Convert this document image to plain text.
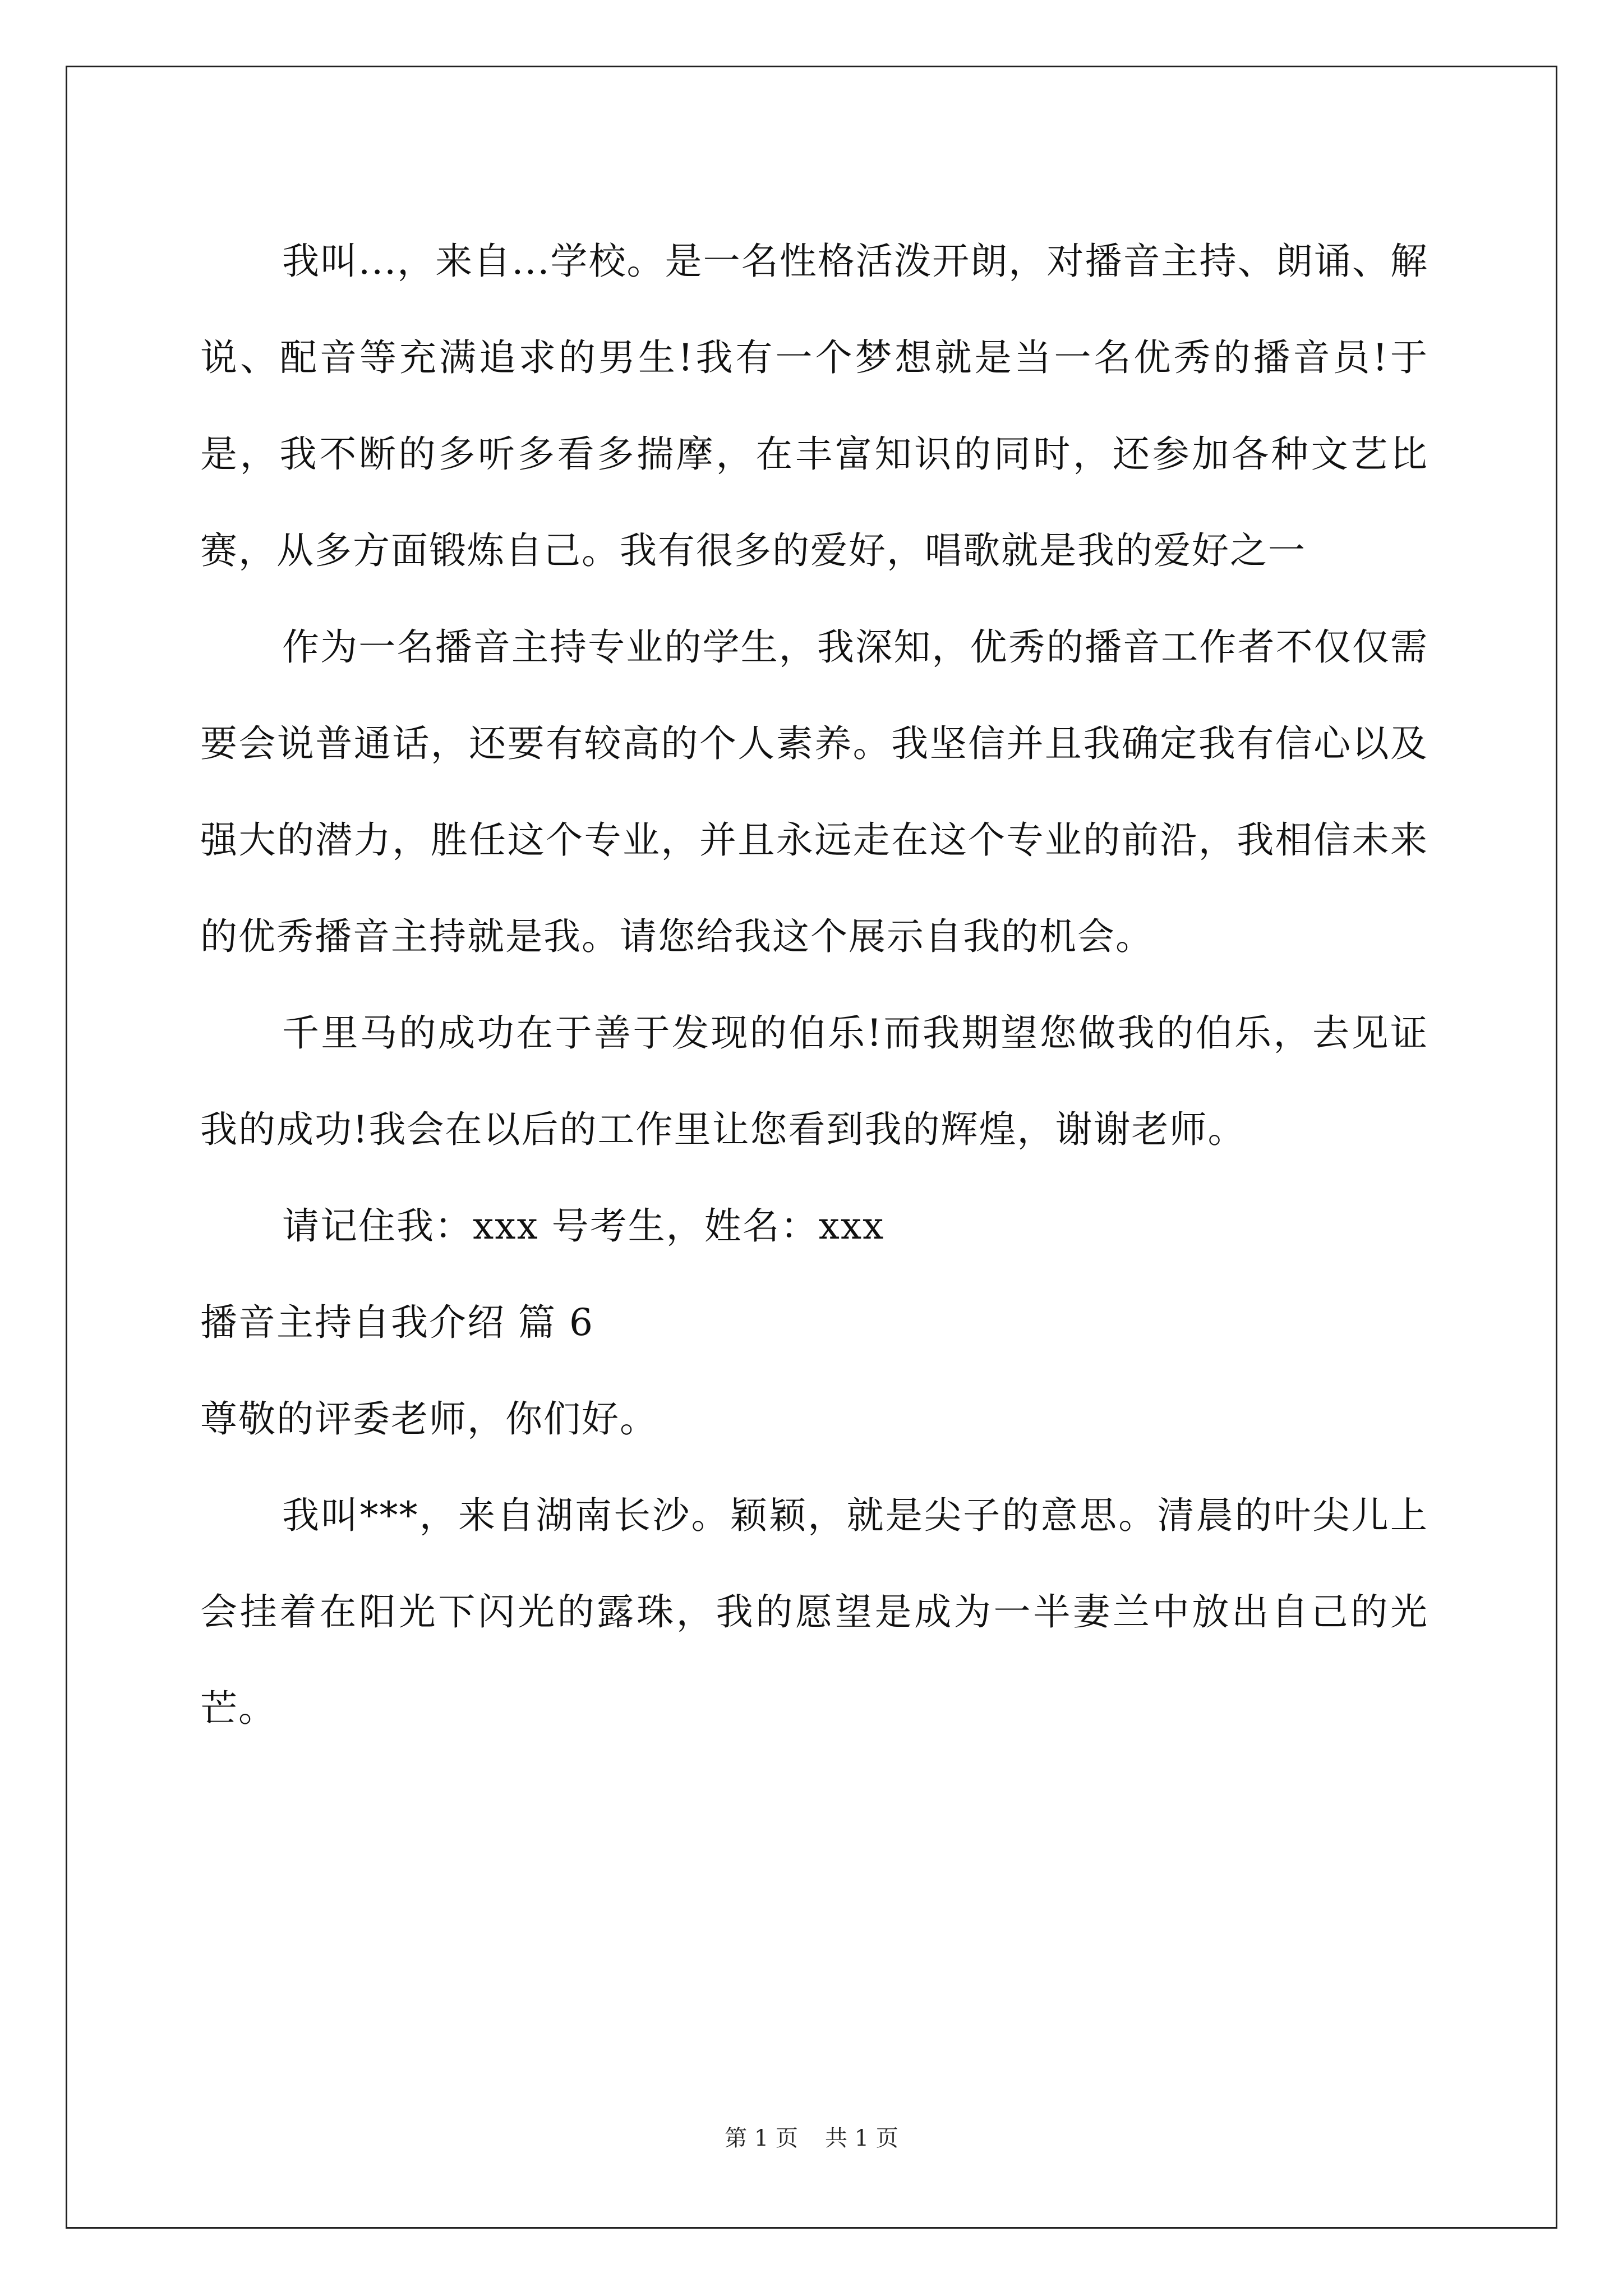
我叫...，来自...学校。是一名性格活泼开朗，对播音主持、朗诵、解说、配音等充满追求的男生!我有一个梦想就是当一名优秀的播音员!于是，我不断的多听多看多揣摩，在丰富知识的同时，还参加各种文艺比赛，从多方面锻炼自己。我有很多的爱好，唱歌就是我的爱好之一

作为一名播音主持专业的学生，我深知，优秀的播音工作者不仅仅需要会说普通话，还要有较高的个人素养。我坚信并且我确定我有信心以及强大的潜力，胜任这个专业，并且永远走在这个专业的前沿，我相信未来的优秀播音主持就是我。请您给我这个展示自我的机会。

千里马的成功在于善于发现的伯乐!而我期望您做我的伯乐，去见证我的成功!我会在以后的工作里让您看到我的辉煌，谢谢老师。

请记住我：xxx 号考生，姓名：xxx

播音主持自我介绍 篇 6

尊敬的评委老师，你们好。

我叫***，来自湖南长沙。颖颖，就是尖子的意思。清晨的叶尖儿上会挂着在阳光下闪光的露珠，我的愿望是成为一半妻兰中放出自己的光芒。

第 1 页 共 1 页
